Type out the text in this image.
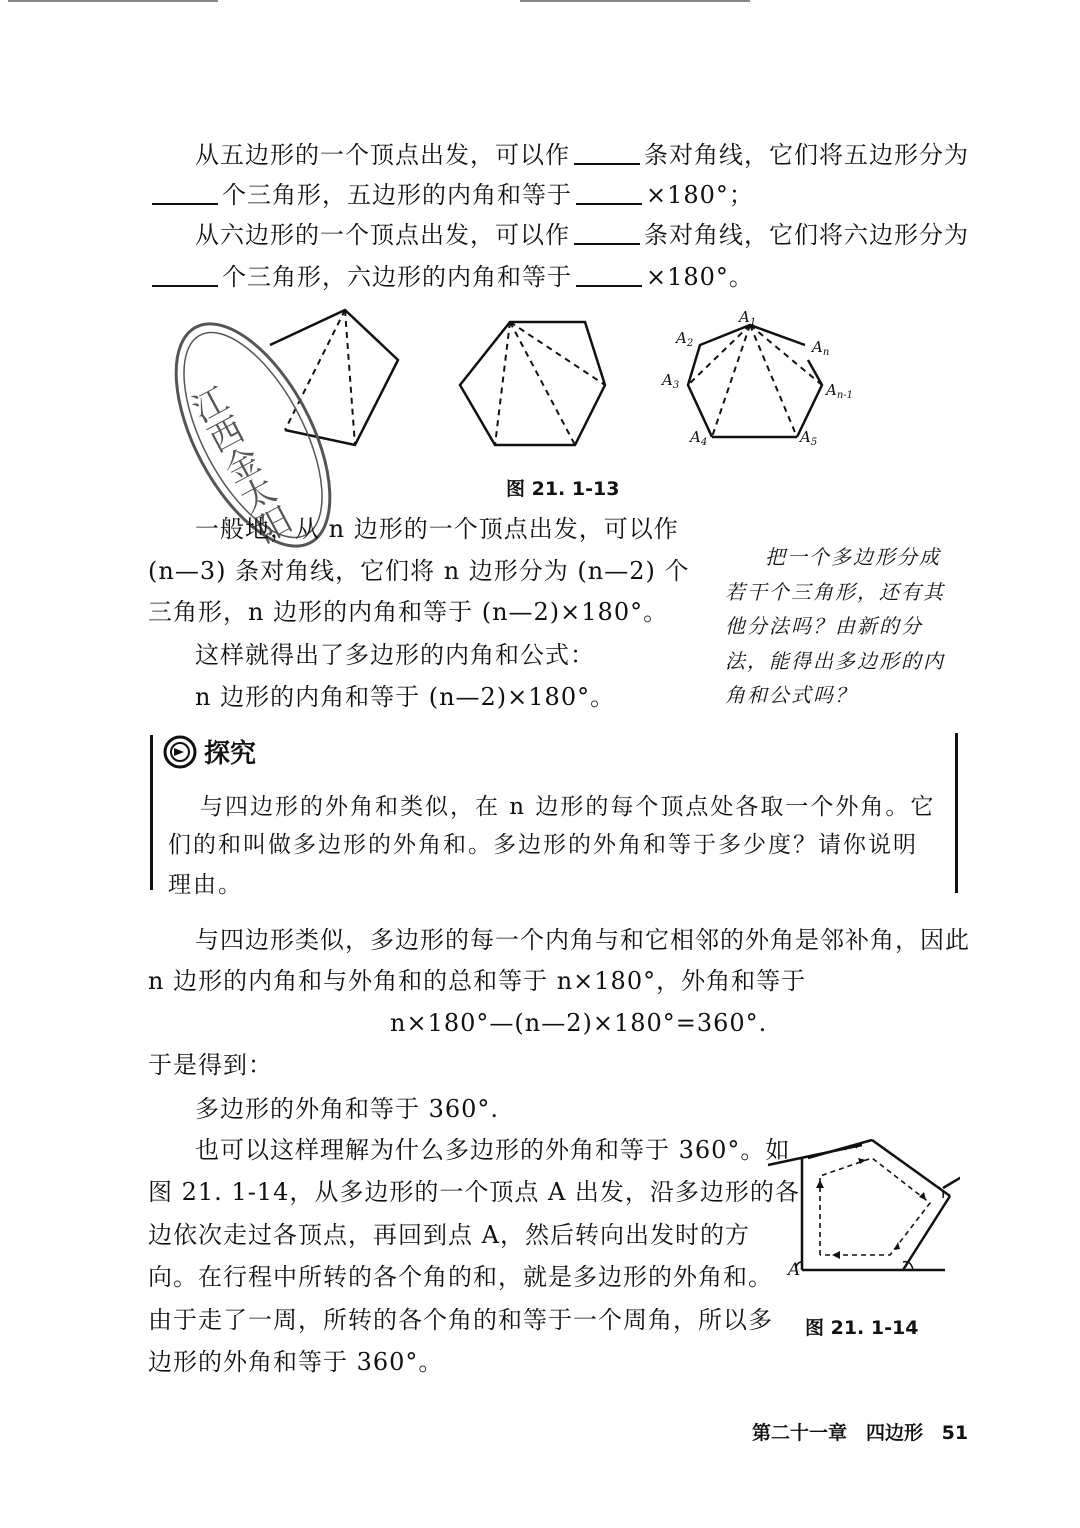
从五边形的一个顶点出发，可以作	条对角线，它们将五边形分为
个三角形，五边形的内角和等于	×180°；
从六边形的一个顶点出发，可以作	条对角线，它们将六边形分为
个三角形，六边形的内角和等于	×180°。
$A_1$
$A_2$
$A_3$
$A_4$	$A_5$
$A_n$
$A_{n-1}$
图 21. 1-13
江西金太阳
一般地，从 n 边形的一个顶点出发，可以作
(n—3) 条对角线，它们将 n 边形分为 (n—2) 个
三角形，n 边形的内角和等于 (n—2)×180°。
这样就得出了多边形的内角和公式：
n 边形的内角和等于 (n—2)×180°。
把一个多边形分成
若干个三角形，还有其
他分法吗？由新的分
法，能得出多边形的内
角和公式吗？
探究
与四边形的外角和类似，在 n 边形的每个顶点处各取一个外角。它
们的和叫做多边形的外角和。多边形的外角和等于多少度？请你说明
理由。
与四边形类似，多边形的每一个内角与和它相邻的外角是邻补角，因此
n 边形的内角和与外角和的总和等于 n×180°，外角和等于
n×180°—(n—2)×180°=360°.
于是得到：
多边形的外角和等于 360°.
也可以这样理解为什么多边形的外角和等于 360°。如
图 21. 1-14，从多边形的一个顶点 A 出发，沿多边形的各
边依次走过各顶点，再回到点 A，然后转向出发时的方
向。在行程中所转的各个角的和，就是多边形的外角和。
由于走了一周，所转的各个角的和等于一个周角，所以多
边形的外角和等于 360°。
A
图 21. 1-14
第二十一章　四边形 51
